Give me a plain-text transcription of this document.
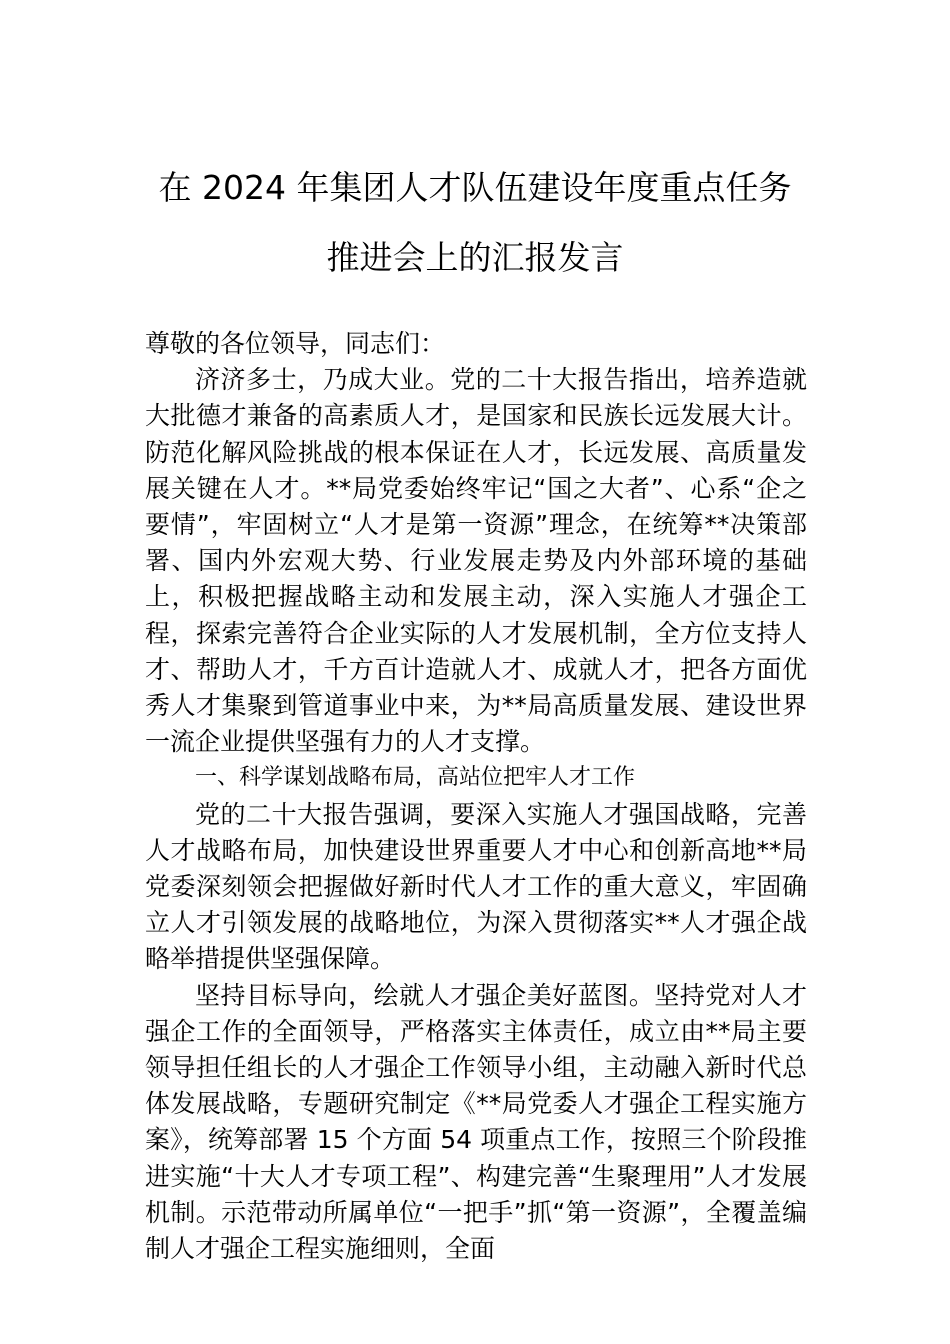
在 2024 年集团人才队伍建设年度重点任务
推进会上的汇报发言

尊敬的各位领导，同志们：

济济多士，乃成大业。党的二十大报告指出，培养造就大批德才兼备的高素质人才，是国家和民族长远发展大计。防范化解风险挑战的根本保证在人才，长远发展、高质量发展关键在人才。**局党委始终牢记“国之大者”、心系“企之要情”，牢固树立“人才是第一资源”理念，在统筹**决策部署、国内外宏观大势、行业发展走势及内外部环境的基础上，积极把握战略主动和发展主动，深入实施人才强企工程，探索完善符合企业实际的人才发展机制，全方位支持人才、帮助人才，千方百计造就人才、成就人才，把各方面优秀人才集聚到管道事业中来，为**局高质量发展、建设世界一流企业提供坚强有力的人才支撑。

一、科学谋划战略布局，高站位把牢人才工作

党的二十大报告强调，要深入实施人才强国战略，完善人才战略布局，加快建设世界重要人才中心和创新高地**局党委深刻领会把握做好新时代人才工作的重大意义，牢固确立人才引领发展的战略地位，为深入贯彻落实**人才强企战略举措提供坚强保障。

坚持目标导向，绘就人才强企美好蓝图。坚持党对人才强企工作的全面领导，严格落实主体责任，成立由**局主要领导担任组长的人才强企工作领导小组，主动融入新时代总体发展战略，专题研究制定《**局党委人才强企工程实施方案》，统筹部署 15 个方面 54 项重点工作，按照三个阶段推进实施“十大人才专项工程”、构建完善“生聚理用”人才发展机制。示范带动所属单位“一把手”抓“第一资源”，全覆盖编制人才强企工程实施细则，全面
